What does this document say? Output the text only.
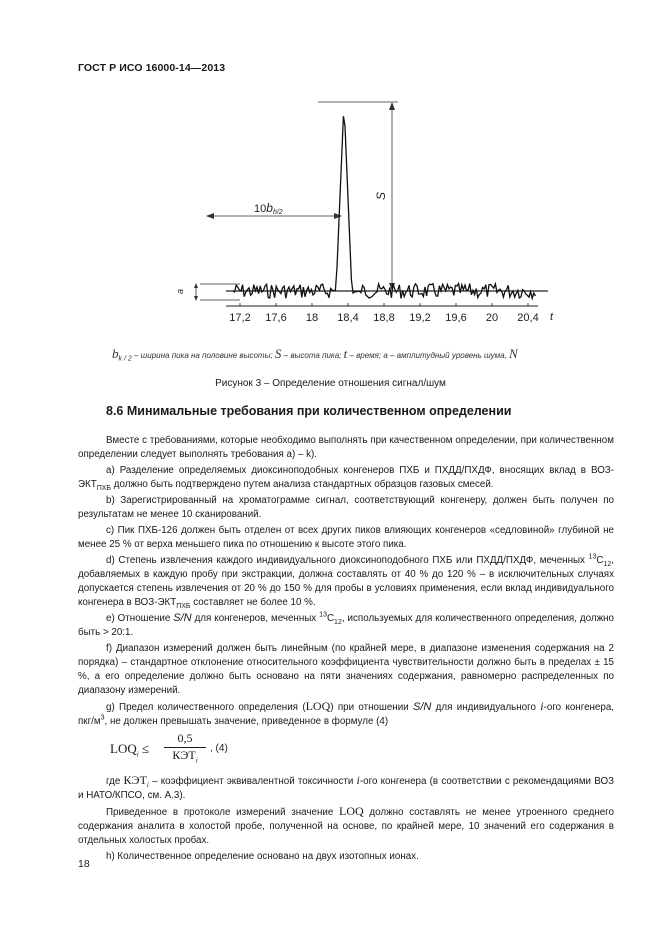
ГОСТ Р ИСО 16000-14—2013
17,2 17,6 18 18,4 18,8 19,2 19,6 20 20,4
10bh/2
S
a
t
$b_{k / 2}$ – ширина пика на половине высоты; S – высота пика; t – время; а – амплитудный уровень шума, N
Рисунок 3 – Определение отношения сигнал/шум
8.6 Минимальные требования при количественном определении

Вместе с требованиями, которые необходимо выполнять при качественном определении, при количественном определении следует выполнять требования а) – k).

а) Разделение определяемых диоксиноподобных конгенеров ПХБ и ПХДД/ПХДФ, вносящих вклад в ВОЗ-$ЭКТ_{ПХБ}$ должно быть подтверждено путем анализа стандартных образцов газовых смесей.

b) Зарегистрированный на хроматограмме сигнал, соответствующий конгенеру, должен быть получен по результатам не менее 10 сканирований.

c) Пик ПХБ-126 должен быть отделен от всех других пиков влияющих конгенеров «седловиной» глубиной не менее 25 % от верха меньшего пика по отношению к высоте этого пика.

d) Степень извлечения каждого индивидуального диоксиноподобного ПХБ или ПХДД/ПХДФ, меченных $^{13}С_{12}$, добавляемых в каждую пробу при экстракции, должна составлять от 40 % до 120 % – в исключительных случаях допускается степень извлечения от 20 % до 150 % для пробы в условиях применения, если вклад индивидуального конгенера в ВОЗ-$ЭКТ_{ПХБ}$ составляет не более 10 %.

e) Отношение S/N для конгенеров, меченных $^{13}С_{12}$, используемых для количественного определения, должно быть > 20:1.

f) Диапазон измерений должен быть линейным (по крайней мере, в диапазоне изменения содержания на 2 порядка) – стандартное отклонение относительного коэффициента чувствительности должно быть в пределах ± 15 %, а его определение должно быть основано на пяти значениях содержания, равномерно распределенных по диапазону измерений.

g) Предел количественного определения (LOQ) при отношении S/N для индивидуального i-ого конгенера, пкг/$м^3$, не должен превышать значение, приведенное в формуле (4)

$LOQ_i$ ≤
0,5
$КЭТ_i$
, (4)

где $КЭТ_i$ – коэффициент эквивалентной токсичности i-ого конгенера (в соответствии с рекомендациями ВОЗ и НАТО/КПСО, см. А.3).

Приведенное в протоколе измерений значение LOQ должно составлять не менее утроенного среднего содержания аналита в холостой пробе, полученной на основе, по крайней мере, 10 значений его содержания в отдельных холостых пробах.

h) Количественное определение основано на двух изотопных ионах.

18
